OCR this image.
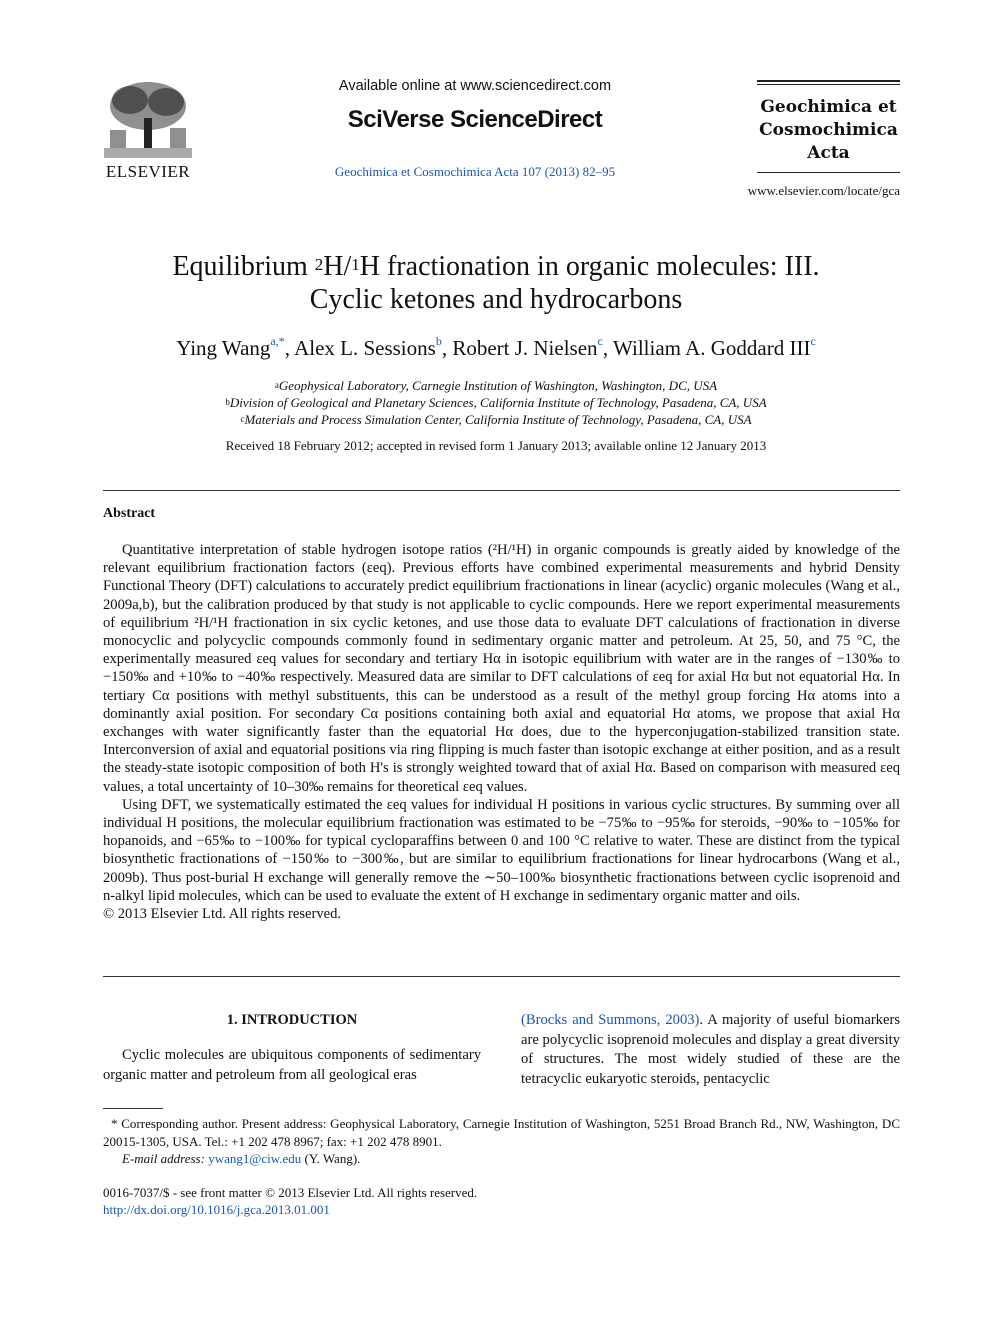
ELSEVIER
Available online at www.sciencedirect.com
SciVerse ScienceDirect
Geochimica et Cosmochimica Acta 107 (2013) 82–95
Geochimica et
Cosmochimica
Acta
www.elsevier.com/locate/gca
Equilibrium $^2$H/$^1$H fractionation in organic molecules: III.
Cyclic ketones and hydrocarbons
Ying Wang$^{a,*}$, Alex L. Sessions$^b$, Robert J. Nielsen$^c$, William A. Goddard III$^c$
$^a$Geophysical Laboratory, Carnegie Institution of Washington, Washington, DC, USA
$^b$Division of Geological and Planetary Sciences, California Institute of Technology, Pasadena, CA, USA
$^c$Materials and Process Simulation Center, California Institute of Technology, Pasadena, CA, USA
Received 18 February 2012; accepted in revised form 1 January 2013; available online 12 January 2013
Abstract

Quantitative interpretation of stable hydrogen isotope ratios (²H/¹H) in organic compounds is greatly aided by knowledge of the relevant equilibrium fractionation factors (εeq). Previous efforts have combined experimental measurements and hybrid Density Functional Theory (DFT) calculations to accurately predict equilibrium fractionations in linear (acyclic) organic molecules (Wang et al., 2009a,b), but the calibration produced by that study is not applicable to cyclic compounds. Here we report experimental measurements of equilibrium ²H/¹H fractionation in six cyclic ketones, and use those data to evaluate DFT calculations of fractionation in diverse monocyclic and polycyclic compounds commonly found in sedimentary organic matter and petroleum. At 25, 50, and 75 °C, the experimentally measured εeq values for secondary and tertiary Hα in isotopic equilibrium with water are in the ranges of −130‰ to −150‰ and +10‰ to −40‰ respectively. Measured data are similar to DFT calculations of εeq for axial Hα but not equatorial Hα. In tertiary Cα positions with methyl substituents, this can be understood as a result of the methyl group forcing Hα atoms into a dominantly axial position. For secondary Cα positions containing both axial and equatorial Hα atoms, we propose that axial Hα exchanges with water significantly faster than the equatorial Hα does, due to the hyperconjugation-stabilized transition state. Interconversion of axial and equatorial positions via ring flipping is much faster than isotopic exchange at either position, and as a result the steady-state isotopic composition of both H's is strongly weighted toward that of axial Hα. Based on comparison with measured εeq values, a total uncertainty of 10–30‰ remains for theoretical εeq values.

Using DFT, we systematically estimated the εeq values for individual H positions in various cyclic structures. By summing over all individual H positions, the molecular equilibrium fractionation was estimated to be −75‰ to −95‰ for steroids, −90‰ to −105‰ for hopanoids, and −65‰ to −100‰ for typical cycloparaffins between 0 and 100 °C relative to water. These are distinct from the typical biosynthetic fractionations of −150‰ to −300‰, but are similar to equilibrium fractionations for linear hydrocarbons (Wang et al., 2009b). Thus post-burial H exchange will generally remove the ∼50–100‰ biosynthetic fractionations between cyclic isoprenoid and n-alkyl lipid molecules, which can be used to evaluate the extent of H exchange in sedimentary organic matter and oils.

© 2013 Elsevier Ltd. All rights reserved.

1. INTRODUCTION
Cyclic molecules are ubiquitous components of sedimentary organic matter and petroleum from all geological eras
(Brocks and Summons, 2003). A majority of useful biomarkers are polycyclic isoprenoid molecules and display a great diversity of structures. The most widely studied of these are the tetracyclic eukaryotic steroids, pentacyclic

* Corresponding author. Present address: Geophysical Laboratory, Carnegie Institution of Washington, 5251 Broad Branch Rd., NW, Washington, DC 20015-1305, USA. Tel.: +1 202 478 8967; fax: +1 202 478 8901.

E-mail address: ywang1@ciw.edu (Y. Wang).

0016-7037/$ - see front matter © 2013 Elsevier Ltd. All rights reserved.
http://dx.doi.org/10.1016/j.gca.2013.01.001
